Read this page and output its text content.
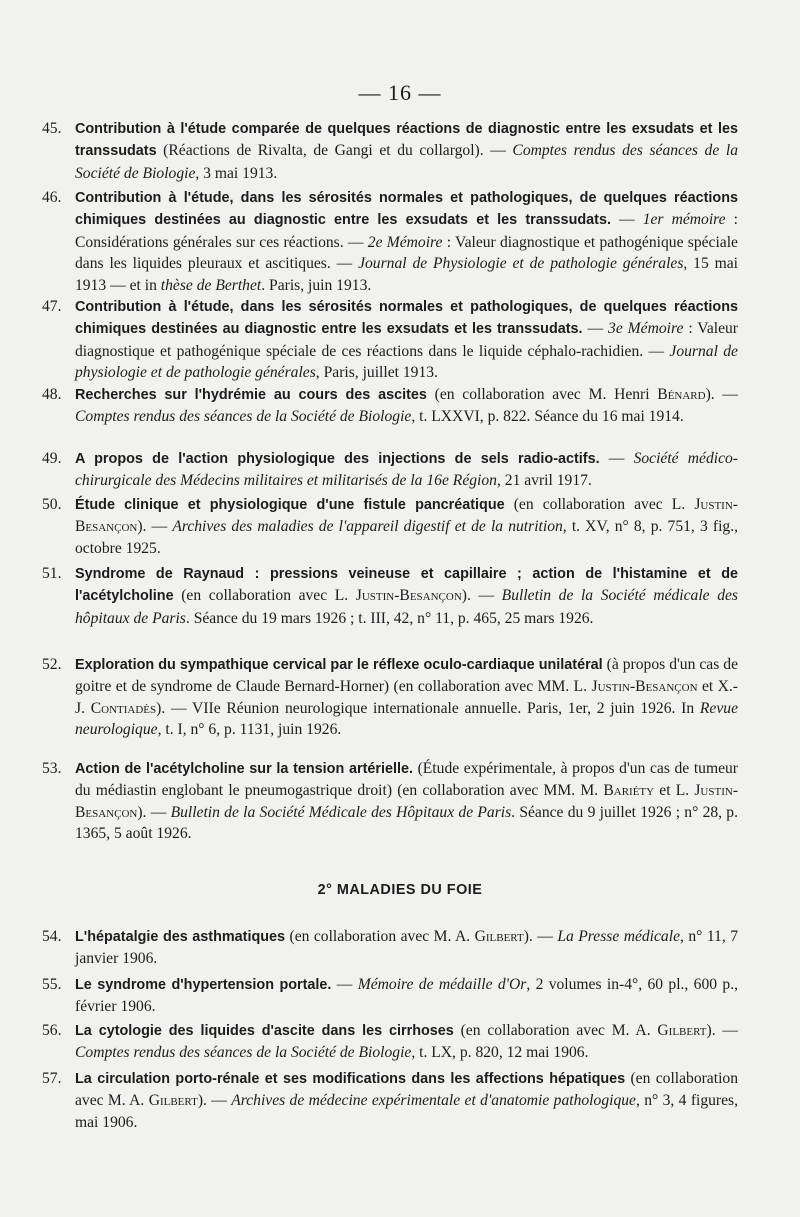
— 16 —
45. Contribution à l'étude comparée de quelques réactions de diagnostic entre les exsudats et les transsudats (Réactions de Rivalta, de Gangi et du collargol). — Comptes rendus des séances de la Société de Biologie, 3 mai 1913.
46. Contribution à l'étude, dans les sérosités normales et pathologiques, de quelques réactions chimiques destinées au diagnostic entre les exsudats et les transsudats. — 1er mémoire : Considérations générales sur ces réactions. — 2e Mémoire : Valeur diagnostique et pathogénique spéciale dans les liquides pleuraux et ascitiques. — Journal de Physiologie et de pathologie générales, 15 mai 1913 — et in thèse de Berthet. Paris, juin 1913.
47. Contribution à l'étude, dans les sérosités normales et pathologiques, de quelques réactions chimiques destinées au diagnostic entre les exsudats et les transsudats. — 3e Mémoire : Valeur diagnostique et pathogénique spéciale de ces réactions dans le liquide céphalo-rachidien. — Journal de physiologie et de pathologie générales, Paris, juillet 1913.
48. Recherches sur l'hydrémie au cours des ascites (en collaboration avec M. Henri Bénard). — Comptes rendus des séances de la Société de Biologie, t. LXXVI, p. 822. Séance du 16 mai 1914.
49. A propos de l'action physiologique des injections de sels radio-actifs. — Société médico-chirurgicale des Médecins militaires et militarisés de la 16e Région, 21 avril 1917.
50. Étude clinique et physiologique d'une fistule pancréatique (en collaboration avec L. Justin-Besançon). — Archives des maladies de l'appareil digestif et de la nutrition, t. XV, n° 8, p. 751, 3 fig., octobre 1925.
51. Syndrome de Raynaud : pressions veineuse et capillaire ; action de l'histamine et de l'acétylcholine (en collaboration avec L. Justin-Besançon). — Bulletin de la Société médicale des hôpitaux de Paris. Séance du 19 mars 1926 ; t. III, 42, n° 11, p. 465, 25 mars 1926.
52. Exploration du sympathique cervical par le réflexe oculo-cardiaque unilatéral (à propos d'un cas de goitre et de syndrome de Claude Bernard-Horner) (en collaboration avec MM. L. Justin-Besançon et X.-J. Contiadès). — VIIe Réunion neurologique internationale annuelle. Paris, 1er, 2 juin 1926. In Revue neurologique, t. I, n° 6, p. 1131, juin 1926.
53. Action de l'acétylcholine sur la tension artérielle. (Étude expérimentale, à propos d'un cas de tumeur du médiastin englobant le pneumogastrique droit) (en collaboration avec MM. M. Bariéty et L. Justin-Besançon). — Bulletin de la Société Médicale des Hôpitaux de Paris. Séance du 9 juillet 1926 ; n° 28, p. 1365, 5 août 1926.
2° MALADIES DU FOIE
54. L'hépatalgie des asthmatiques (en collaboration avec M. A. Gilbert). — La Presse médicale, n° 11, 7 janvier 1906.
55. Le syndrome d'hypertension portale. — Mémoire de médaille d'Or, 2 volumes in-4°, 60 pl., 600 p., février 1906.
56. La cytologie des liquides d'ascite dans les cirrhoses (en collaboration avec M. A. Gilbert). — Comptes rendus des séances de la Société de Biologie, t. LX, p. 820, 12 mai 1906.
57. La circulation porto-rénale et ses modifications dans les affections hépatiques (en collaboration avec M. A. Gilbert). — Archives de médecine expérimentale et d'anatomie pathologique, n° 3, 4 figures, mai 1906.
